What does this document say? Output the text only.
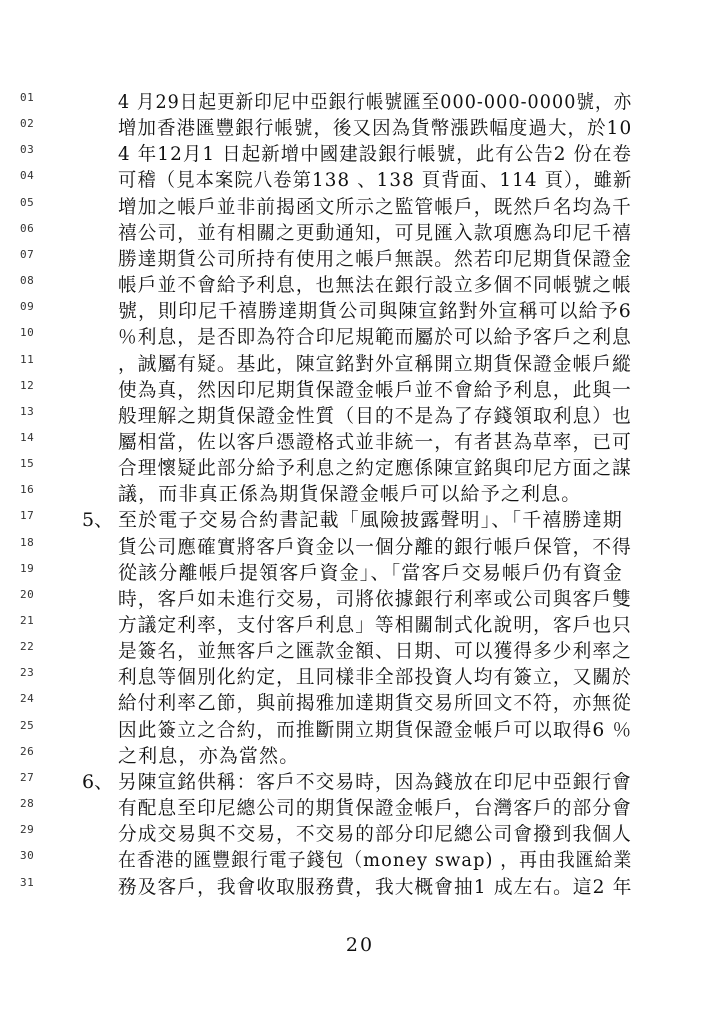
01	4 月29日起更新印尼中亞銀行帳號匯至000-000-0000號，亦
02	增加香港匯豐銀行帳號，後又因為貨幣漲跌幅度過大，於10
03	4 年12月1 日起新增中國建設銀行帳號，此有公告2 份在卷
04	可稽（見本案院八卷第138 、138 頁背面、114 頁），雖新
05	增加之帳戶並非前揭函文所示之監管帳戶，既然戶名均為千
06	禧公司，並有相關之更動通知，可見匯入款項應為印尼千禧
07	勝達期貨公司所持有使用之帳戶無誤。然若印尼期貨保證金
08	帳戶並不會給予利息，也無法在銀行設立多個不同帳號之帳
09	號，則印尼千禧勝達期貨公司與陳宣銘對外宣稱可以給予6
10	％利息，是否即為符合印尼規範而屬於可以給予客戶之利息
11	，誠屬有疑。基此，陳宣銘對外宣稱開立期貨保證金帳戶縱
12	使為真，然因印尼期貨保證金帳戶並不會給予利息，此與一
13	般理解之期貨保證金性質（目的不是為了存錢領取利息）也
14	屬相當，佐以客戶憑證格式並非統一，有者甚為草率，已可
15	合理懷疑此部分給予利息之約定應係陳宣銘與印尼方面之謀
16	議，而非真正係為期貨保證金帳戶可以給予之利息。
17	5、 至於電子交易合約書記載「風險披露聲明」、「千禧勝達期
18	貨公司應確實將客戶資金以一個分離的銀行帳戶保管，不得
19	從該分離帳戶提領客戶資金」、「當客戶交易帳戶仍有資金
20	時，客戶如未進行交易，司將依據銀行利率或公司與客戶雙
21	方議定利率，支付客戶利息」等相關制式化說明，客戶也只
22	是簽名，並無客戶之匯款金額、日期、可以獲得多少利率之
23	利息等個別化約定，且同樣非全部投資人均有簽立，又關於
24	給付利率乙節，與前揭雅加達期貨交易所回文不符，亦無從
25	因此簽立之合約，而推斷開立期貨保證金帳戶可以取得6 ％
26	之利息，亦為當然。
27	6、 另陳宣銘供稱：客戶不交易時，因為錢放在印尼中亞銀行會
28	有配息至印尼總公司的期貨保證金帳戶，台灣客戶的部分會
29	分成交易與不交易，不交易的部分印尼總公司會撥到我個人
30	在香港的匯豐銀行電子錢包（money swap) ，再由我匯給業
31	務及客戶，我會收取服務費，我大概會抽1 成左右。這2 年
20
